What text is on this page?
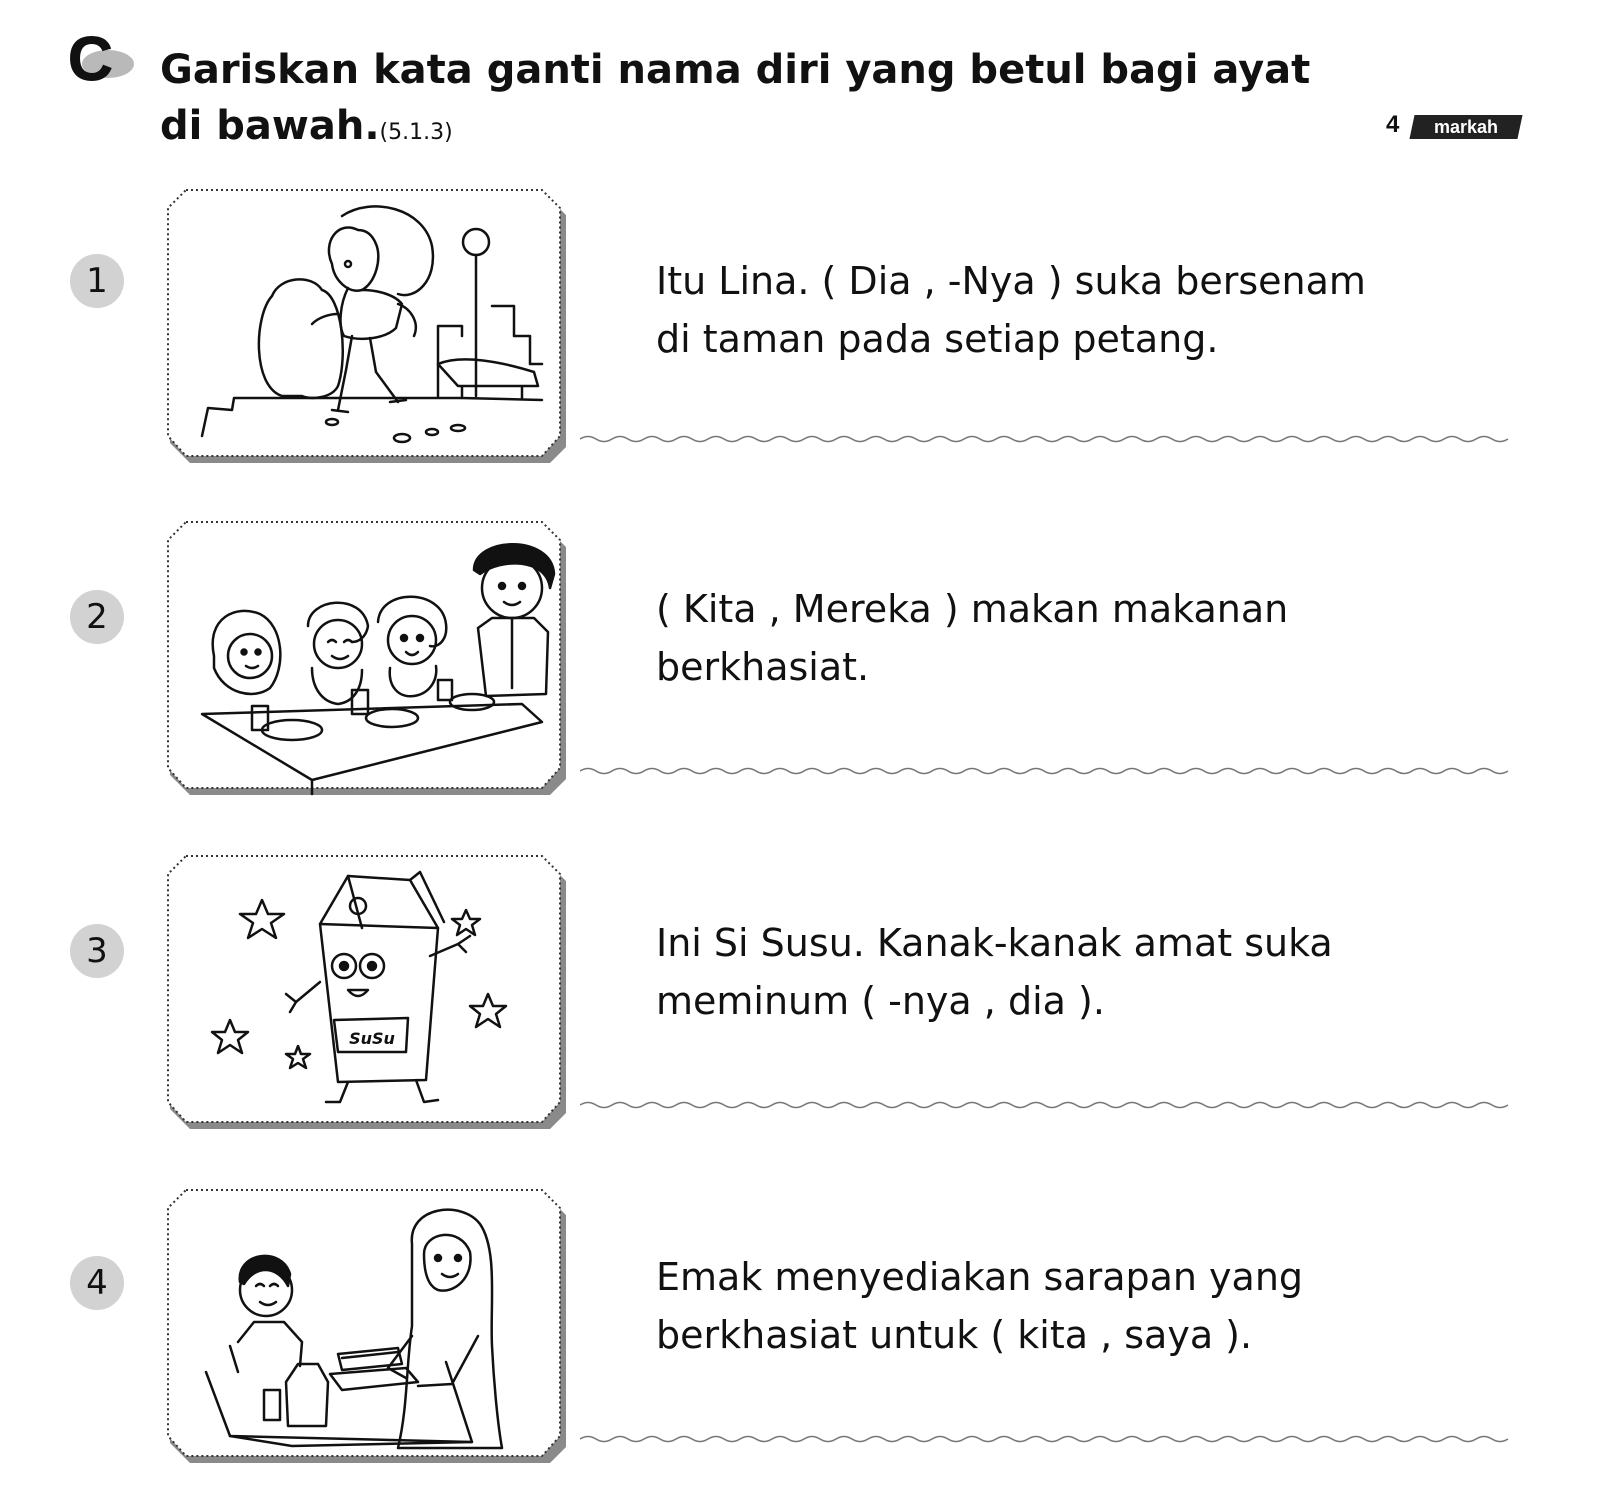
C Gariskan kata ganti nama diri yang betul bagi ayat
di bawah.(5.1.3)	4	markah
1	Itu Lina. ( Dia , -Nya ) suka bersenam
di taman pada setiap petang.
2	( Kita , Mereka ) makan makanan
berkhasiat.
3
SuSu
Ini Si Susu. Kanak-kanak amat suka
meminum ( -nya , dia ).
4	Emak menyediakan sarapan yang
berkhasiat untuk ( kita , saya ).
